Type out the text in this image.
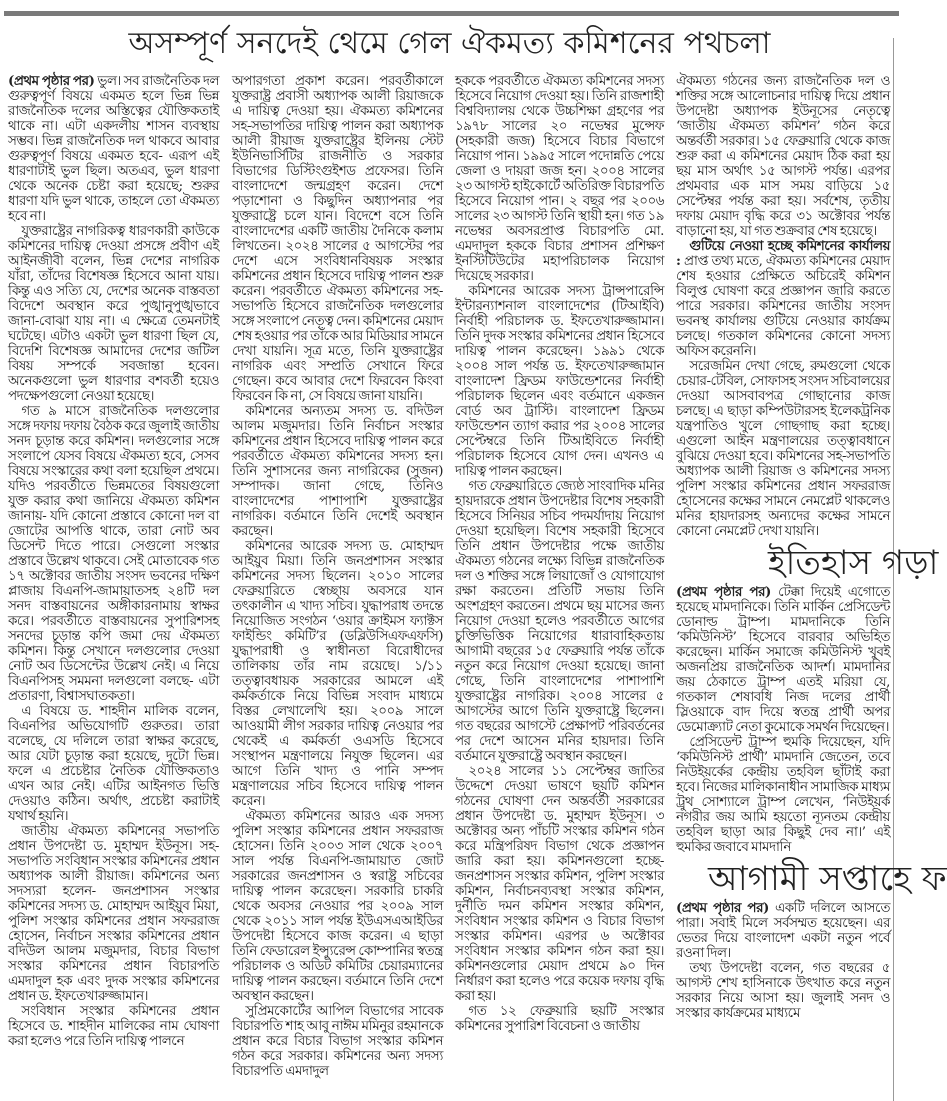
অসম্পূর্ণ সনদেই থেমে গেল ঐকমত্য কমিশনের পথচলা

(প্রথম পৃষ্ঠার পর) ভুল। সব রাজনৈতিক দল গুরুত্বপূর্ণ বিষয়ে একমত হলে ভিন্ন ভিন্ন রাজনৈতিক দলের অস্তিত্বের যৌক্তিকতাই থাকে না। এটা একদলীয় শাসন ব্যবস্থায় সম্ভব। ভিন্ন রাজনৈতিক দল থাকবে আবার গুরুত্বপূর্ণ বিষয়ে একমত হবে- এরূপ এই ধারণাটাই ভুল ছিল। অতএব, ভুল ধারণা থেকে অনেক চেষ্টা করা হয়েছে; শুরুর ধারণা যদি ভুল থাকে, তাহলে তো ঐকমত্য হবে না।

যুক্তরাষ্ট্রের নাগরিকত্ব ধারণকারী কাউকে কমিশনের দায়িত্ব দেওয়া প্রসঙ্গে প্রবীণ এই আইনজীবী বলেন, ভিন্ন দেশের নাগরিক যাঁরা, তাঁদের বিশেষজ্ঞ হিসেবে আনা যায়। কিন্তু এও সত্যি যে, দেশের অনেক বাস্তবতা বিদেশে অবস্থান করে পুঙ্খানুপুঙ্খভাবে জানা-বোঝা যায় না। এ ক্ষেত্রে তেমনটাই ঘটেছে। এটাও একটা ভুল ধারণা ছিল যে, বিদেশি বিশেষজ্ঞ আমাদের দেশের জটিল বিষয় সম্পর্কে সবজান্তা হবেন। অনেকগুলো ভুল ধারণার বশবর্তী হয়েও পদক্ষেপগুলো নেওয়া হয়েছে।

গত ৯ মাসে রাজনৈতিক দলগুলোর সঙ্গে দফায় দফায় বৈঠক করে জুলাই জাতীয় সনদ চূড়ান্ত করে কমিশন। দলগুলোর সঙ্গে সংলাপে যেসব বিষয়ে ঐকমত্য হবে, সেসব বিষয়ে সংস্কারের কথা বলা হয়েছিল প্রথমে। যদিও পরবর্তীতে ভিন্নমতের বিষয়গুলো যুক্ত করার কথা জানিয়ে ঐকমত্য কমিশন জানায়- যদি কোনো প্রস্তাবে কোনো দল বা জোটের আপত্তি থাকে, তারা নোট অব ডিসেন্ট দিতে পারে। সেগুলো সংস্কার প্রস্তাবে উল্লেখ থাকবে। সেই মোতাবেক গত ১৭ অক্টোবর জাতীয় সংসদ ভবনের দক্ষিণ প্লাজায় বিএনপি-জামায়াতসহ ২৪টি দল সনদ বাস্তবায়নের অঙ্গীকারনামায় স্বাক্ষর করে। পরবর্তীতে বাস্তবায়নের সুপারিশসহ সনদের চূড়ান্ত কপি জমা দেয় ঐকমত্য কমিশন। কিন্তু সেখানে দলগুলোর দেওয়া নোট অব ডিসেন্টের উল্লেখ নেই। এ নিয়ে বিএনপিসহ সমমনা দলগুলো বলছে- এটা প্রতারণা, বিশ্বাসঘাতকতা।

এ বিষয়ে ড. শাহদীন মালিক বলেন, বিএনপির অভিযোগটি গুরুতর। তারা বলেছে, যে দলিলে তারা স্বাক্ষর করেছে, আর যেটা চূড়ান্ত করা হয়েছে, দুটো ভিন্ন। ফলে এ প্রচেষ্টার নৈতিক যৌক্তিকতাও এখন আর নেই। এটির আইনগত ভিত্তি দেওয়াও কঠিন। অর্থাৎ, প্রচেষ্টা করাটাই যথার্থ হয়নি।

জাতীয় ঐকমত্য কমিশনের সভাপতি প্রধান উপদেষ্টা ড. মুহাম্মদ ইউনূস। সহ-সভাপতি সংবিধান সংস্কার কমিশনের প্রধান অধ্যাপক আলী রীয়াজ। কমিশনের অন্য সদস্যরা হলেন- জনপ্রশাসন সংস্কার কমিশনের সদস্য ড. মোহাম্মদ আইয়ুব মিয়া, পুলিশ সংস্কার কমিশনের প্রধান সফররাজ হোসেন, নির্বাচন সংস্কার কমিশনের প্রধান বদিউল আলম মজুমদার, বিচার বিভাগ সংস্কার কমিশনের প্রধান বিচারপতি এমদাদুল হক এবং দুদক সংস্কার কমিশনের প্রধান ড. ইফতেখারুজ্জামান।

সংবিধান সংস্কার কমিশনের প্রধান হিসেবে ড. শাহদীন মালিকের নাম ঘোষণা করা হলেও পরে তিনি দায়িত্ব পালনে

অপারগতা প্রকাশ করেন। পরবর্তীকালে যুক্তরাষ্ট্র প্রবাসী অধ্যাপক আলী রিয়াজকে এ দায়িত্ব দেওয়া হয়। ঐকমত্য কমিশনের সহ-সভাপতির দায়িত্ব পালন করা অধ্যাপক আলী রীয়াজ যুক্তরাষ্ট্রের ইলিনয় স্টেট ইউনিভার্সিটির রাজনীতি ও সরকার বিভাগের ডিস্টিংগুইশড প্রফেসর। তিনি বাংলাদেশে জন্মগ্রহণ করেন। দেশে পড়াশোনা ও কিছুদিন অধ্যাপনার পর যুক্তরাষ্ট্রে চলে যান। বিদেশে বসে তিনি বাংলাদেশের একটি জাতীয় দৈনিকে কলাম লিখতেন। ২০২৪ সালের ৫ আগস্টের পর দেশে এসে সংবিধানবিষয়ক সংস্কার কমিশনের প্রধান হিসেবে দায়িত্ব পালন শুরু করেন। পরবর্তীতে ঐকমত্য কমিশনের সহ-সভাপতি হিসেবে রাজনৈতিক দলগুলোর সঙ্গে সংলাপে নেতৃত্ব দেন। কমিশনের মেয়াদ শেষ হওয়ার পর তাঁকে আর মিডিয়ার সামনে দেখা যায়নি। সূত্র মতে, তিনি যুক্তরাষ্ট্রের নাগরিক এবং সম্প্রতি সেখানে ফিরে গেছেন। কবে আবার দেশে ফিরবেন কিংবা ফিরবেন কি না, সে বিষয়ে জানা যায়নি।

কমিশনের অন্যতম সদস্য ড. বদিউল আলম মজুমদার। তিনি নির্বাচন সংস্কার কমিশনের প্রধান হিসেবে দায়িত্ব পালন করে পরবর্তীতে ঐকমত্য কমিশনের সদস্য হন। তিনি সুশাসনের জন্য নাগরিকের (সুজন) সম্পাদক। জানা গেছে, তিনিও বাংলাদেশের পাশাপাশি যুক্তরাষ্ট্রের নাগরিক। বর্তমানে তিনি দেশেই অবস্থান করছেন।

কমিশনের আরেক সদস্য ড. মোহাম্মদ আইয়ুব মিয়া। তিনি জনপ্রশাসন সংস্কার কমিশনের সদস্য ছিলেন। ২০১০ সালের ফেব্রুয়ারিতে স্বেচ্ছায় অবসরে যান তৎকালীন এ খাদ্য সচিব। যুদ্ধাপরাধ তদন্তে নিয়োজিত সংগঠন ‘ওয়ার ক্রাইমস ফ্যাক্টস ফাইন্ডিং কমিটি’র (ডব্লিউসিএফএফসি) যুদ্ধাপরাধী ও স্বাধীনতা বিরোধীদের তালিকায় তাঁর নাম রয়েছে। ১/১১ তত্ত্বাবধায়ক সরকারের আমলে এই কর্মকর্তাকে নিয়ে বিভিন্ন সংবাদ মাধ্যমে বিস্তর লেখালেখি হয়। ২০০৯ সালে আওয়ামী লীগ সরকার দায়িত্ব নেওয়ার পর থেকেই এ কর্মকর্তা ওএসডি হিসেবে সংস্থাপন মন্ত্রণালয়ে নিযুক্ত ছিলেন। এর আগে তিনি খাদ্য ও পানি সম্পদ মন্ত্রণালয়ের সচিব হিসেবে দায়িত্ব পালন করেন।

ঐকমত্য কমিশনের আরও এক সদস্য পুলিশ সংস্কার কমিশনের প্রধান সফররাজ হোসেন। তিনি ২০০৩ সাল থেকে ২০০৭ সাল পর্যন্ত বিএনপি-জামায়াত জোট সরকারের জনপ্রশাসন ও স্বরাষ্ট্র সচিবের দায়িত্ব পালন করেছেন। সরকারি চাকরি থেকে অবসর নেওয়ার পর ২০০৯ সাল থেকে ২০১১ সাল পর্যন্ত ইউএসএআইডির উপদেষ্টা হিসেবে কাজ করেন। এ ছাড়া তিনি ফেডারেল ইন্স্যুরেন্স কোম্পানির স্বতন্ত্র পরিচালক ও অডিট কমিটির চেয়ারম্যানের দায়িত্ব পালন করছেন। বর্তমানে তিনি দেশে অবস্থান করছেন।

সুপ্রিমকোর্টের আপিল বিভাগের সাবেক বিচারপতি শাহ আবু নাঈম মমিনুর রহমানকে প্রধান করে বিচার বিভাগ সংস্কার কমিশন গঠন করে সরকার। কমিশনের অন্য সদস্য বিচারপতি এমদাদুল

হককে পরবর্তীতে ঐকমত্য কমিশনের সদস্য হিসেবে নিয়োগ দেওয়া হয়। তিনি রাজশাহী বিশ্ববিদ্যালয় থেকে উচ্চশিক্ষা গ্রহণের পর ১৯৭৮ সালের ২০ নভেম্বর মুন্সেফ (সহকারী জজ) হিসেবে বিচার বিভাগে নিয়োগ পান। ১৯৯৫ সালে পদোন্নতি পেয়ে জেলা ও দায়রা জজ হন। ২০০৪ সালের ২৩ আগস্ট হাইকোর্টে অতিরিক্ত বিচারপতি হিসেবে নিয়োগ পান। ২ বছর পর ২০০৬ সালের ২৩ আগস্ট তিনি স্থায়ী হন। গত ১৯ নভেম্বর অবসরপ্রাপ্ত বিচারপতি মো. এমদাদুল হককে বিচার প্রশাসন প্রশিক্ষণ ইনস্টিটিউটের মহাপরিচালক নিয়োগ দিয়েছে সরকার।

কমিশনের আরেক সদস্য ট্রান্সপারেন্সি ইন্টারন্যাশনাল বাংলাদেশের (টিআইবি) নির্বাহী পরিচালক ড. ইফতেখারুজ্জামান। তিনি দুদক সংস্কার কমিশনের প্রধান হিসেবে দায়িত্ব পালন করেছেন। ১৯৯১ থেকে ২০০৪ সাল পর্যন্ত ড. ইফতেখারুজ্জামান বাংলাদেশ ফ্রিডম ফাউন্ডেশনের নির্বাহী পরিচালক ছিলেন এবং বর্তমানে একজন বোর্ড অব ট্রাস্টি। বাংলাদেশ ফ্রিডম ফাউন্ডেশন ত্যাগ করার পর ২০০৪ সালের সেপ্টেম্বরে তিনি টিআইবিতে নির্বাহী পরিচালক হিসেবে যোগ দেন। এখনও এ দায়িত্ব পালন করছেন।

গত ফেব্রুয়ারিতে জ্যেষ্ঠ সাংবাদিক মনির হায়দারকে প্রধান উপদেষ্টার বিশেষ সহকারী হিসেবে সিনিয়র সচিব পদমর্যাদায় নিয়োগ দেওয়া হয়েছিল। বিশেষ সহকারী হিসেবে তিনি প্রধান উপদেষ্টার পক্ষে জাতীয় ঐকমত্য গঠনের লক্ষ্যে বিভিন্ন রাজনৈতিক দল ও শক্তির সঙ্গে লিয়াজোঁ ও যোগাযোগ রক্ষা করতেন। প্রতিটি সভায় তিনি অংশগ্রহণ করতেন। প্রথমে ছয় মাসের জন্য নিয়োগ দেওয়া হলেও পরবর্তীতে আগের চুক্তিভিত্তিক নিয়োগের ধারাবাহিকতায় আগামী বছরের ১৫ ফেব্রুয়ারি পর্যন্ত তাঁকে নতুন করে নিয়োগ দেওয়া হয়েছে। জানা গেছে, তিনি বাংলাদেশের পাশাপাশি যুক্তরাষ্ট্রের নাগরিক। ২০০৪ সালের ৫ আগস্টের আগে তিনি যুক্তরাষ্ট্রে ছিলেন। গত বছরের আগস্টে প্রেক্ষাপট পরিবর্তনের পর দেশে আসেন মনির হায়দার। তিনি বর্তমানে যুক্তরাষ্ট্রে অবস্থান করছেন।

২০২৪ সালের ১১ সেপ্টেম্বর জাতির উদ্দেশে দেওয়া ভাষণে ছয়টি কমিশন গঠনের ঘোষণা দেন অন্তর্বর্তী সরকারের প্রধান উপদেষ্টা ড. মুহাম্মদ ইউনূস। ৩ অক্টোবর অন্য পাঁচটি সংস্কার কমিশন গঠন করে মন্ত্রিপরিষদ বিভাগ থেকে প্রজ্ঞাপন জারি করা হয়। কমিশনগুলো হচ্ছে- জনপ্রশাসন সংস্কার কমিশন, পুলিশ সংস্কার কমিশন, নির্বাচনব্যবস্থা সংস্কার কমিশন, দুর্নীতি দমন কমিশন সংস্কার কমিশন, সংবিধান সংস্কার কমিশন ও বিচার বিভাগ সংস্কার কমিশন। এরপর ৬ অক্টোবর সংবিধান সংস্কার কমিশন গঠন করা হয়। কমিশনগুলোর মেয়াদ প্রথমে ৯০ দিন নির্ধারণ করা হলেও পরে কয়েক দফায় বৃদ্ধি করা হয়।

গত ১২ ফেব্রুয়ারি ছয়টি সংস্কার কমিশনের সুপারিশ বিবেচনা ও জাতীয়

ঐকমত্য গঠনের জন্য রাজনৈতিক দল ও শক্তির সঙ্গে আলোচনার দায়িত্ব দিয়ে প্রধান উপদেষ্টা অধ্যাপক ইউনূসের নেতৃত্বে ‘জাতীয় ঐকমত্য কমিশন’ গঠন করে অন্তর্বর্তী সরকার। ১৫ ফেব্রুয়ারি থেকে কাজ শুরু করা এ কমিশনের মেয়াদ ঠিক করা হয় ছয় মাস অর্থাৎ ১৫ আগস্ট পর্যন্ত। এরপর প্রথমবার এক মাস সময় বাড়িয়ে ১৫ সেপ্টেম্বর পর্যন্ত করা হয়। সর্বশেষ, তৃতীয় দফায় মেয়াদ বৃদ্ধি করে ৩১ অক্টোবর পর্যন্ত বাড়ানো হয়, যা গত শুক্রবার শেষ হয়েছে।

গুটিয়ে নেওয়া হচ্ছে কমিশনের কার্যালয় : প্রাপ্ত তথ্য মতে, ঐকমত্য কমিশনের মেয়াদ শেষ হওয়ার প্রেক্ষিতে অচিরেই কমিশন বিলুপ্ত ঘোষণা করে প্রজ্ঞাপন জারি করতে পারে সরকার। কমিশনের জাতীয় সংসদ ভবনস্থ কার্যালয় গুটিয়ে নেওয়ার কার্যক্রম চলছে। গতকাল কমিশনের কোনো সদস্য অফিস করেননি।

সরেজমিন দেখা গেছে, রুমগুলো থেকে চেয়ার-টেবিল, সোফাসহ সংসদ সচিবালয়ের দেওয়া আসবাবপত্র গোছানোর কাজ চলছে। এ ছাড়া কম্পিউটারসহ ইলেকট্রনিক যন্ত্রপাতিও খুলে গোছগাছ করা হচ্ছে। এগুলো আইন মন্ত্রণালয়ের তত্ত্বাবধানে বুঝিয়ে দেওয়া হবে। কমিশনের সহ-সভাপতি অধ্যাপক আলী রিয়াজ ও কমিশনের সদস্য পুলিশ সংস্কার কমিশনের প্রধান সফররাজ হোসেনের কক্ষের সামনে নেমপ্লেট থাকলেও মনির হায়দারসহ অন্যদের কক্ষের সামনে কোনো নেমপ্লেট দেখা যায়নি।

ইতিহাস গড়া

(প্রথম পৃষ্ঠার পর) টেক্কা দিয়েই এগোতে হয়েছে মামদানিকে। তিনি মার্কিন প্রেসিডেন্ট ডোনাল্ড ট্রাম্প। মামদানিকে তিনি ‘কমিউনিস্ট’ হিসেবে বারবার অভিহিত করেছেন। মার্কিন সমাজে কমিউনিস্ট খুবই অজনপ্রিয় রাজনৈতিক আদর্শ। মামদানির জয় ঠেকাতে ট্রাম্প এতই মরিয়া যে, গতকাল শেষাবধি নিজ দলের প্রার্থী স্লিওয়াকে বাদ দিয়ে স্বতন্ত্র প্রার্থী অপর ডেমোক্র্যাট নেতা কুমোকে সমর্থন দিয়েছেন।

প্রেসিডেন্ট ট্রাম্প হুমকি দিয়েছেন, যদি ‘কমিউনিস্ট প্রার্থী’ মামদানি জেতেন, তবে নিউইয়র্কের কেন্দ্রীয় তহবিল ছাঁটাই করা হবে। নিজের মালিকানাধীন সামাজিক মাধ্যম ট্রুথ সোশ্যালে ট্রাম্প লেখেন, ‘নিউইয়র্ক নগরীর জয় আমি হয়তো ন্যূনতম কেন্দ্রীয় তহবিল ছাড়া আর কিছুই দেব না।’ এই হুমকির জবাবে মামদানি

আগামী সপ্তাহে ফ

(প্রথম পৃষ্ঠার পর) একটি দলিলে আসতে পারা। সবাই মিলে সর্বসম্মত হয়েছেন। এর ভেতর দিয়ে বাংলাদেশ একটা নতুন পর্বে রওনা দিল।

তথ্য উপদেষ্টা বলেন, গত বছরের ৫ আগস্ট শেখ হাসিনাকে উৎখাত করে নতুন সরকার নিয়ে আসা হয়। জুলাই সনদ ও সংস্কার কার্যক্রমের মাধ্যমে
